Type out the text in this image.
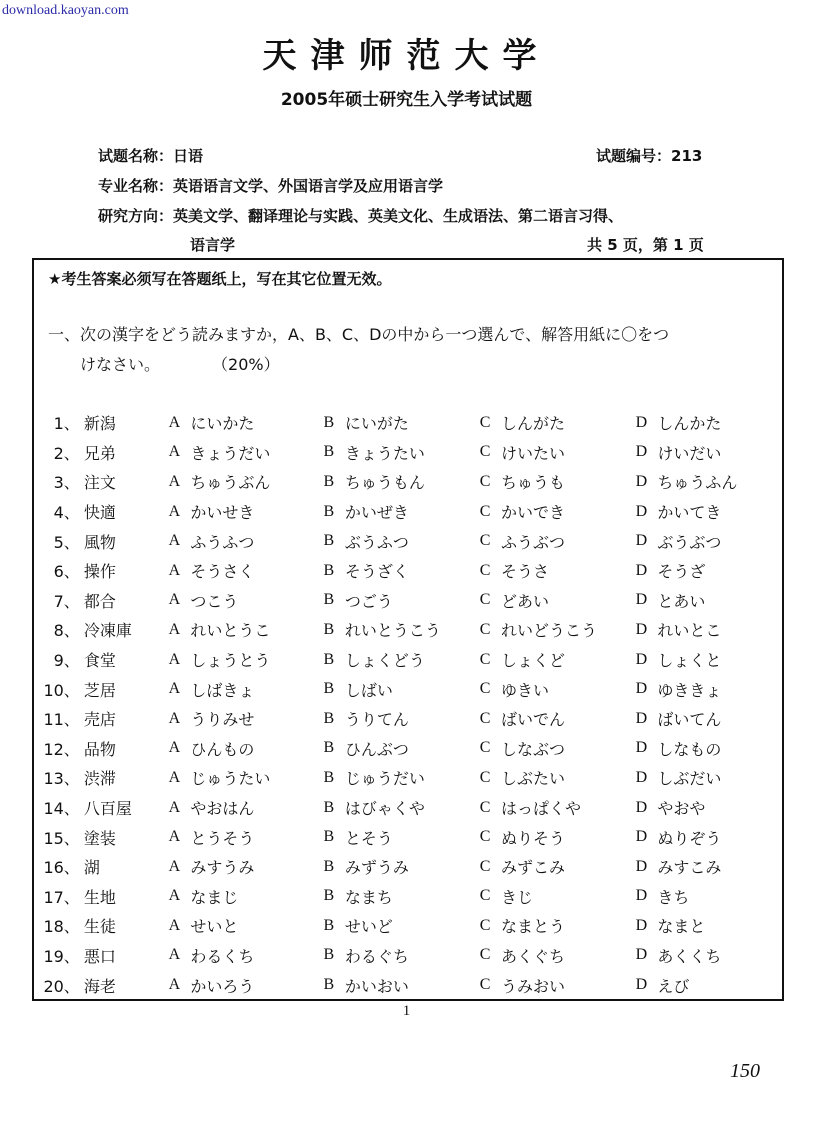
download.kaoyan.com
天津师范大学
2005年硕士研究生入学考试试题
试题名称：日语	试题编号：213
专业名称：英语语言文学、外国语言学及应用语言学
研究方向：英美文学、翻译理论与实践、英美文化、生成语法、第二语言习得、
语言学	共 5 页，第 1 页
★考生答案必须写在答题纸上，写在其它位置无效。
一、次の漢字をどう読みますか，A、B、C、Dの中から一つ選んで、解答用紙に〇をつ
けなさい。	（20%）
1、	新潟	A	にいかた	B	にいがた	C	しんがた	D	しんかた
2、	兄弟	A	きょうだい	B	きょうたい	C	けいたい	D	けいだい
3、	注文	A	ちゅうぶん	B	ちゅうもん	C	ちゅうも	D	ちゅうふん
4、	快適	A	かいせき	B	かいぜき	C	かいでき	D	かいてき
5、	風物	A	ふうふつ	B	ぶうふつ	C	ふうぶつ	D	ぶうぶつ
6、	操作	A	そうさく	B	そうざく	C	そうさ	D	そうざ
7、	都合	A	つこう	B	つごう	C	どあい	D	とあい
8、	冷凍庫	A	れいとうこ	B	れいとうこう	C	れいどうこう	D	れいとこ
9、	食堂	A	しょうとう	B	しょくどう	C	しょくど	D	しょくと
10、	芝居	A	しばきょ	B	しばい	C	ゆきい	D	ゆききょ
11、	売店	A	うりみせ	B	うりてん	C	ばいでん	D	ばいてん
12、	品物	A	ひんもの	B	ひんぶつ	C	しなぶつ	D	しなもの
13、	渋滞	A	じゅうたい	B	じゅうだい	C	しぶたい	D	しぶだい
14、	八百屋	A	やおはん	B	はびゃくや	C	はっぱくや	D	やおや
15、	塗装	A	とうそう	B	とそう	C	ぬりそう	D	ぬりぞう
16、	湖	A	みすうみ	B	みずうみ	C	みずこみ	D	みすこみ
17、	生地	A	なまじ	B	なまち	C	きじ	D	きち
18、	生徒	A	せいと	B	せいど	C	なまとう	D	なまと
19、	悪口	A	わるくち	B	わるぐち	C	あくぐち	D	あくくち
20、	海老	A	かいろう	B	かいおい	C	うみおい	D	えび
1
150
